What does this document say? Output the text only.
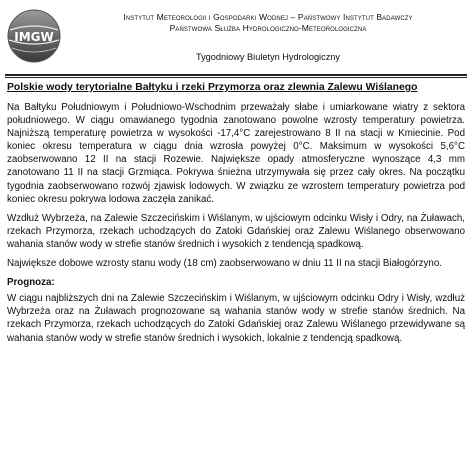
IMGW
Instytut Meteorologii i Gospodarki Wodnej – Państwowy Instytut Badawczy
Państwowa Służba Hydrologiczno-Meteorologiczna
Tygodniowy Biuletyn Hydrologiczny
Polskie wody terytorialne Bałtyku i rzeki Przymorza oraz zlewnia Zalewu Wiślanego

Na Bałtyku Południowym i Południowo-Wschodnim przeważały słabe i umiarkowane wiatry z sektora południowego. W ciągu omawianego tygodnia zanotowano powolne wzrosty temperatury powietrza. Najniższą temperaturę powietrza w wysokości -17,4°C zarejestrowano 8 II na stacji w Kmiecinie. Pod koniec okresu temperatura w ciągu dnia wzrosła powyżej 0°C. Maksimum w wysokości 5,6°C zaobserwowano 12 II na stacji Rozewie. Największe opady atmosferyczne wynoszące 4,3 mm zanotowano 11 II na stacji Grzmiąca. Pokrywa śnieżna utrzymywała się przez cały okres. Na początku tygodnia zaobserwowano rozwój zjawisk lodowych. W związku ze wzrostem temperatury powietrza pod koniec okresu pokrywa lodowa zaczęła zanikać.

Wzdłuż Wybrzeża, na Zalewie Szczecińskim i Wiślanym, w ujściowym odcinku Wisły i Odry, na Żuławach, rzekach Przymorza, rzekach uchodzących do Zatoki Gdańskiej oraz Zalewu Wiślanego obserwowano wahania stanów wody w strefie stanów średnich i wysokich z tendencją spadkową.

Największe dobowe wzrosty stanu wody (18 cm) zaobserwowano w dniu 11 II na stacji Białogórzyno.

Prognoza:

W ciągu najbliższych dni na Zalewie Szczecińskim i Wiślanym, w ujściowym odcinku Odry i Wisły, wzdłuż Wybrzeża oraz na Żuławach prognozowane są wahania stanów wody w strefie stanów średnich. Na rzekach Przymorza, rzekach uchodzących do Zatoki Gdańskiej oraz Zalewu Wiślanego przewidywane są wahania stanów wody w strefie stanów średnich i wysokich, lokalnie z tendencją spadkową.
